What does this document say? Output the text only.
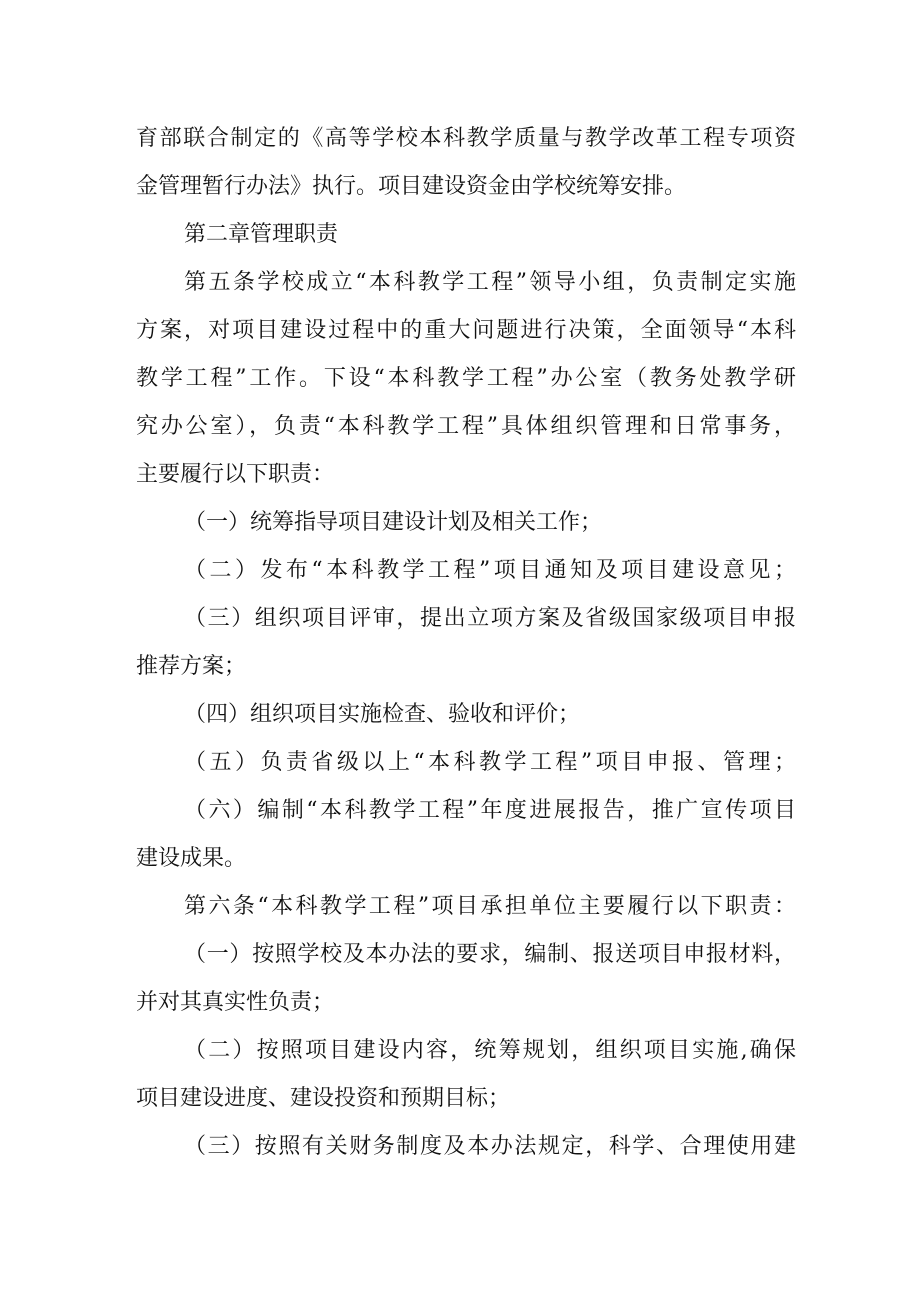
育部联合制定的《高等学校本科教学质量与教学改革工程专项资
金管理暂行办法》执行。项目建设资金由学校统筹安排。
第二章管理职责
第五条学校成立“本科教学工程”领导小组，负责制定实施
方案，对项目建设过程中的重大问题进行决策，全面领导“本科
教学工程”工作。下设“本科教学工程”办公室（教务处教学研
究办公室），负责“本科教学工程”具体组织管理和日常事务，
主要履行以下职责：
（一）统筹指导项目建设计划及相关工作；
（二）发布“本科教学工程”项目通知及项目建设意见；
（三）组织项目评审，提出立项方案及省级国家级项目申报
推荐方案；
（四）组织项目实施检查、验收和评价；
（五）负责省级以上“本科教学工程”项目申报、管理；
（六）编制“本科教学工程”年度进展报告，推广宣传项目
建设成果。
第六条“本科教学工程”项目承担单位主要履行以下职责：
（一）按照学校及本办法的要求，编制、报送项目申报材料，
并对其真实性负责；
（二）按照项目建设内容，统筹规划，组织项目实施,确保
项目建设进度、建设投资和预期目标；
（三）按照有关财务制度及本办法规定，科学、合理使用建
